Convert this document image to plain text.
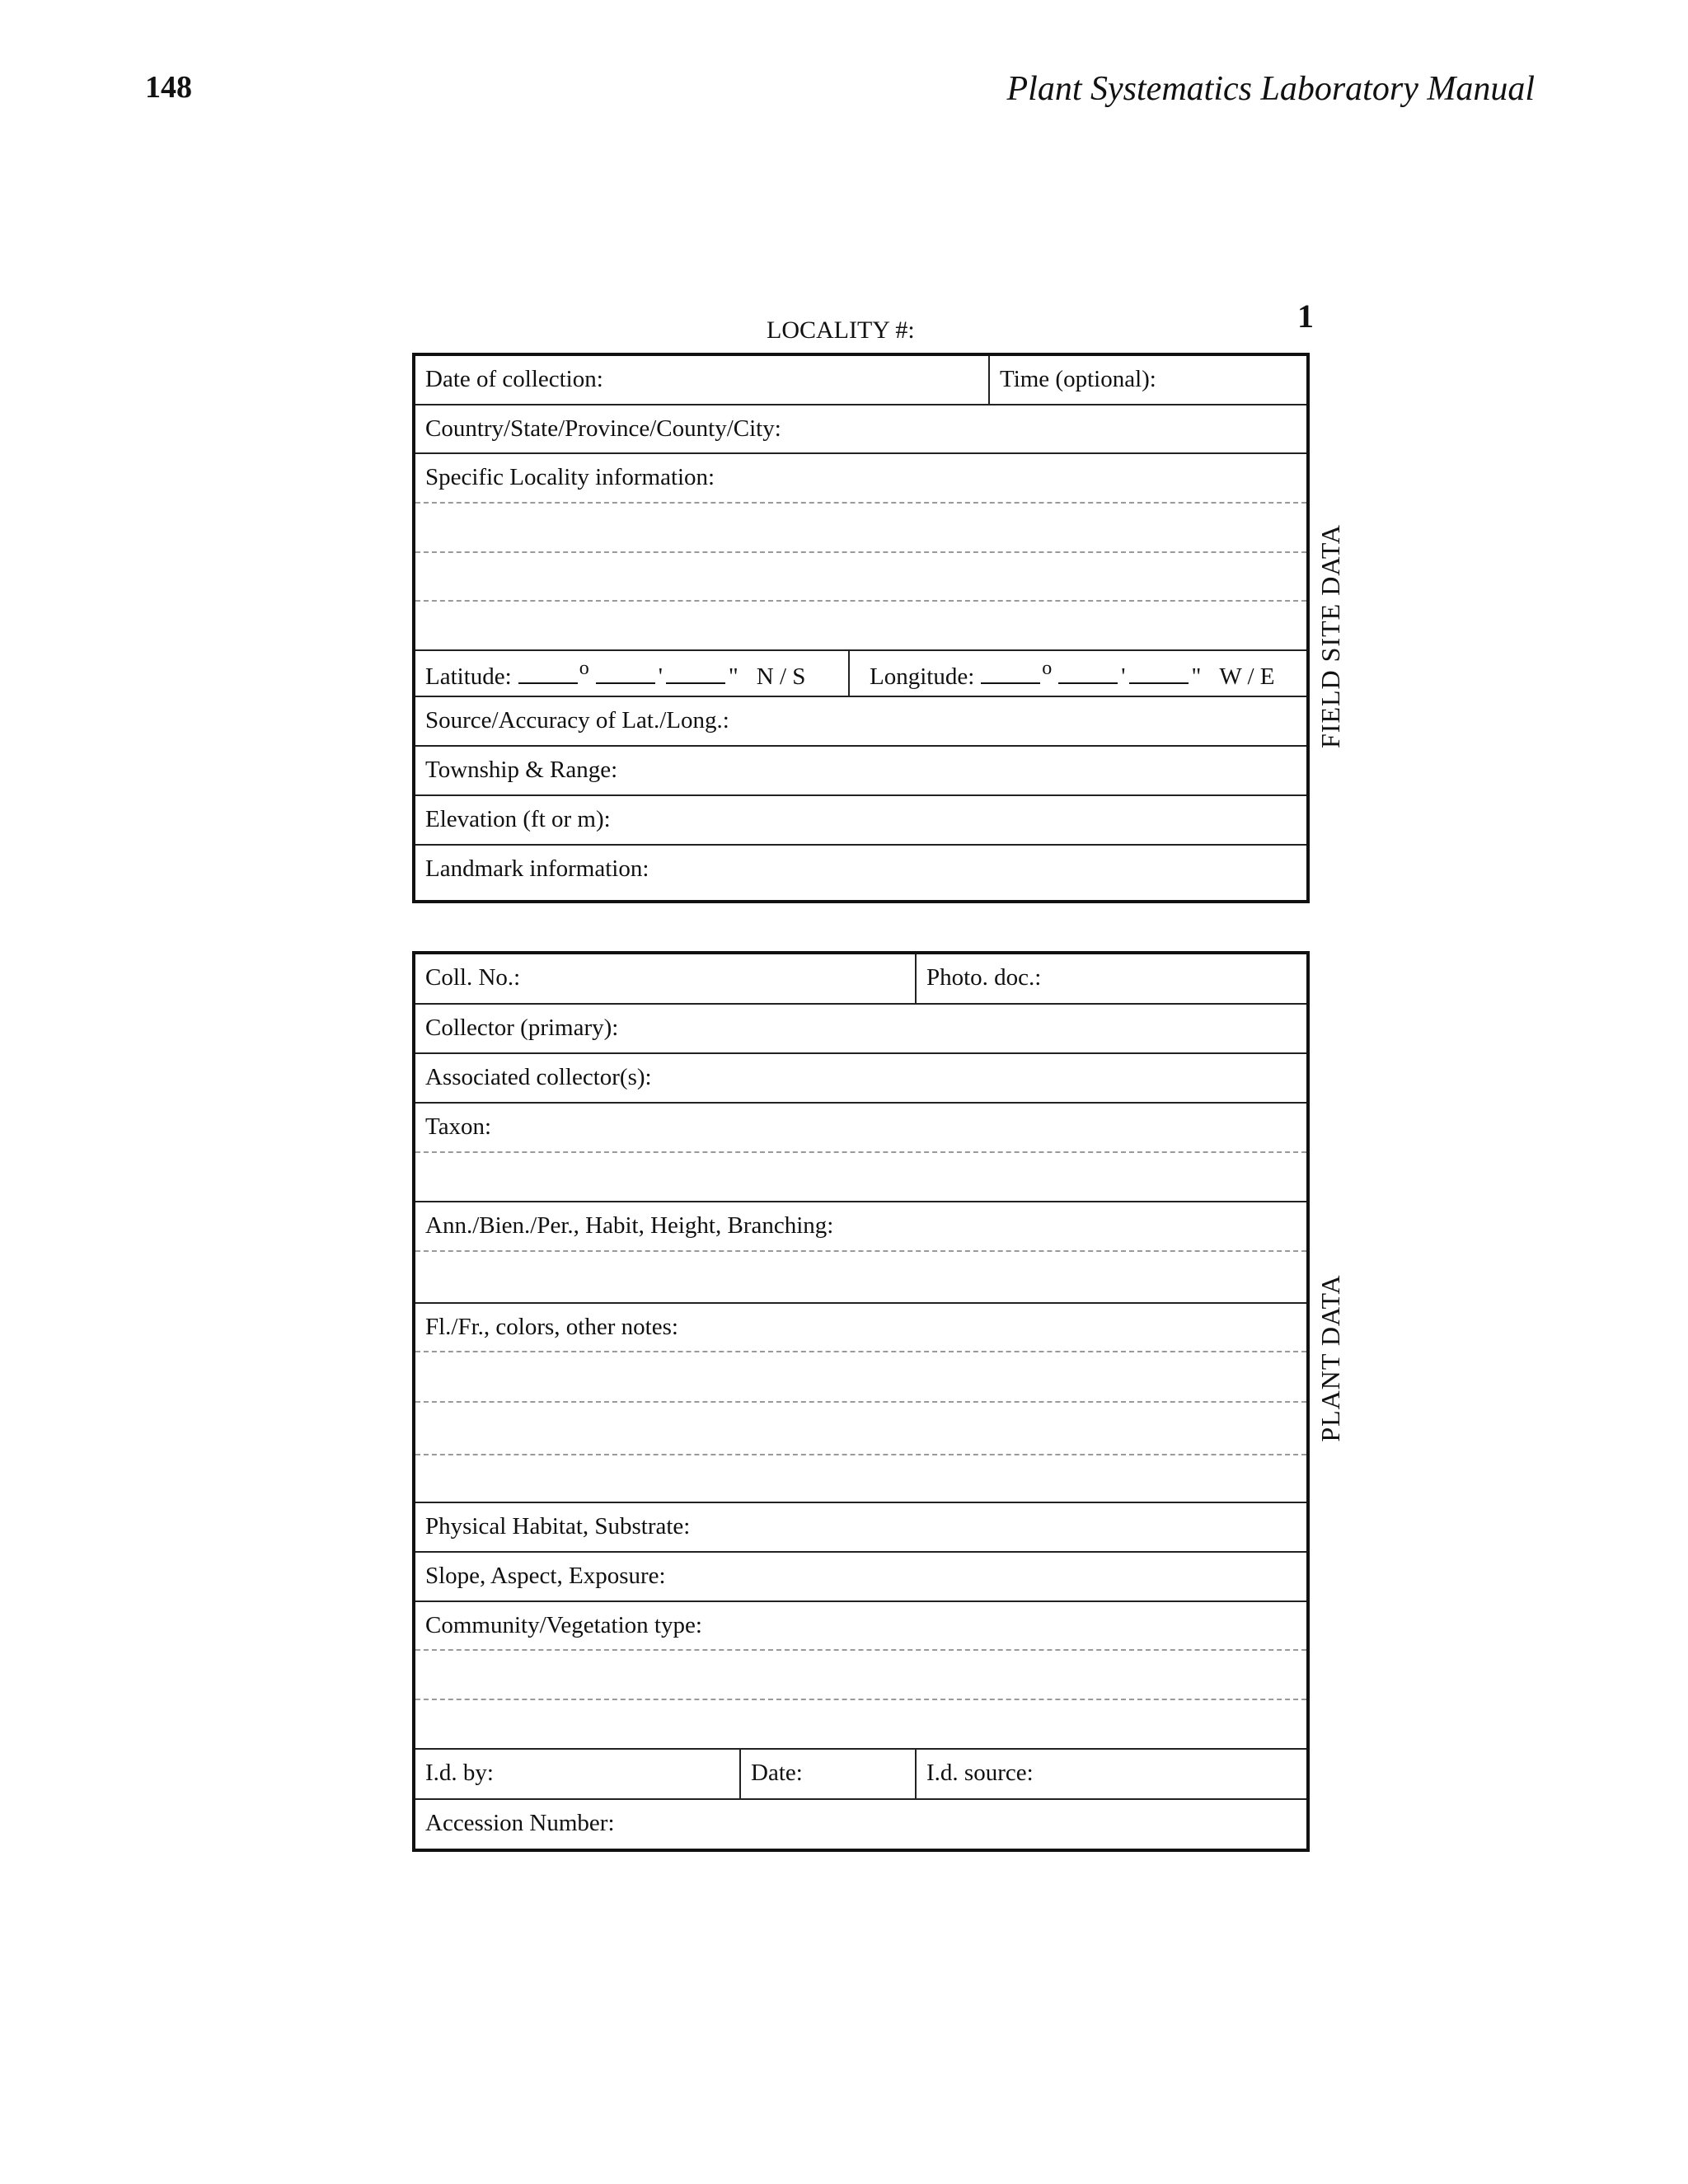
148	Plant Systematics Laboratory Manual
LOCALITY #:	1
Date of collection:	Time (optional):
Country/State/Province/County/City:
Specific Locality information:
Latitude:	o	'	" N / S	Longitude:	o	'	" W / E
Source/Accuracy of Lat./Long.:
Township & Range:
Elevation (ft or m):
Landmark information:
FIELD SITE DATA
Coll. No.:	Photo. doc.:
Collector (primary):
Associated collector(s):
Taxon:
Ann./Bien./Per., Habit, Height, Branching:
Fl./Fr., colors, other notes:
Physical Habitat, Substrate:
Slope, Aspect, Exposure:
Community/Vegetation type:
I.d. by:	Date:	I.d. source:
Accession Number:
PLANT DATA
